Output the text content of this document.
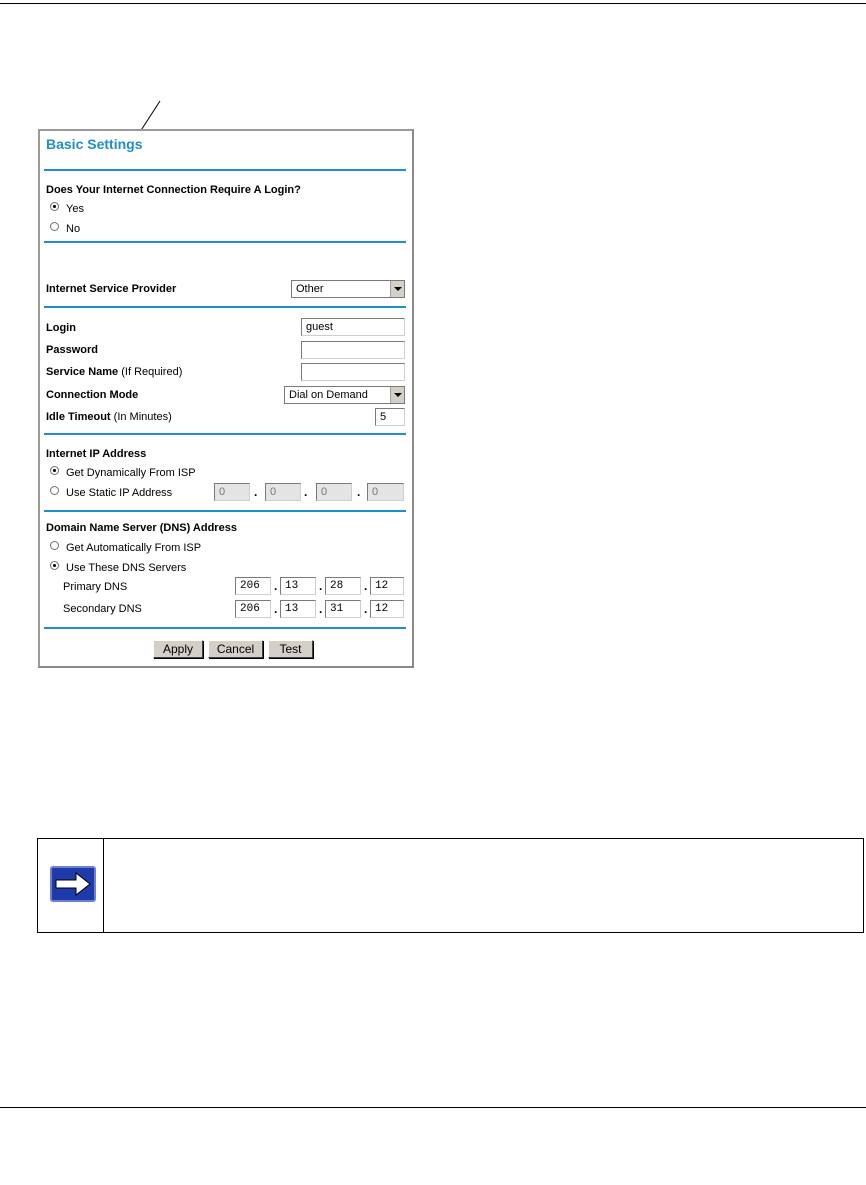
Basic Settings
Does Your Internet Connection Require A Login?
Yes
No
Internet Service Provider	Other
Login	guest
Password
Service Name (If Required)
Connection Mode	Dial on Demand
Idle Timeout (In Minutes)	5
Internet IP Address
Get Dynamically From ISP
Use Static IP Address	0	.	0	.	0	.	0
Domain Name Server (DNS) Address
Get Automatically From ISP
Use These DNS Servers
Primary DNS	206	. 13	. 28	. 12
Secondary DNS	206	. 13	. 31	. 12
Apply	Cancel	Test
